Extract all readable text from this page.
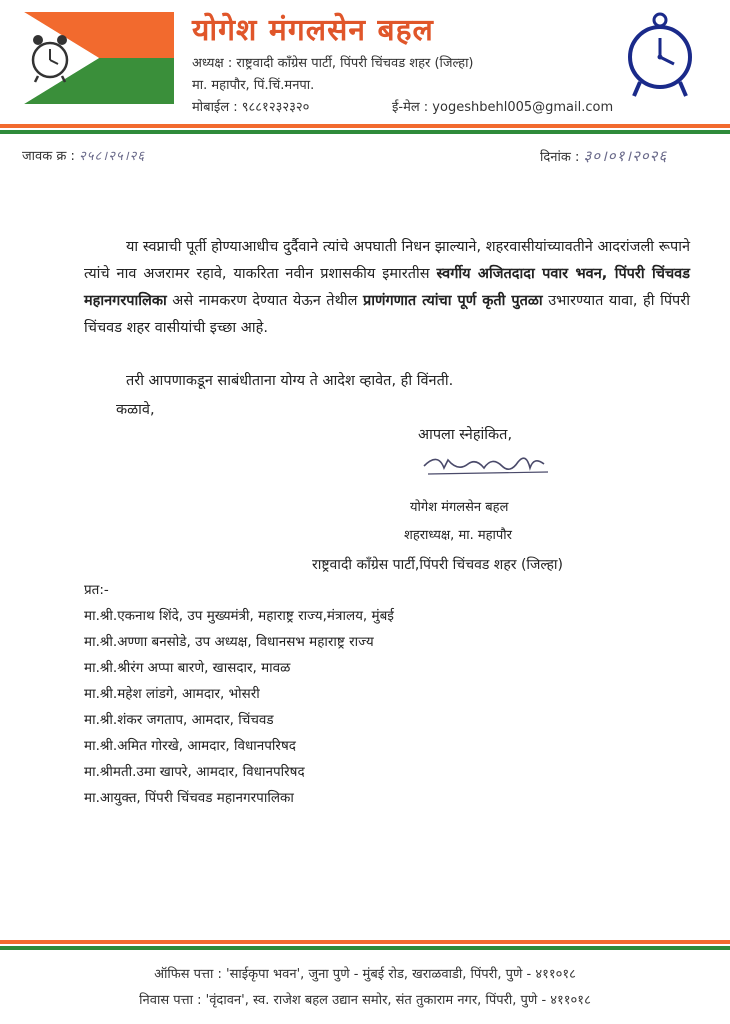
योगेश मंगलसेन बहल
अध्यक्ष : राष्ट्रवादी कॉंग्रेस पार्टी, पिंपरी चिंचवड शहर (जिल्हा)
मा. महापौर, पिं.चिं.मनपा.
मोबाईल : ९८८१२३२३२०	ई-मेल : yogeshbehl005@gmail.com
जावक क्र : २५८।२५।२६	दिनांक : ३०।०१।२०२६
या स्वप्नाची पूर्ती होण्याआधीच दुर्दैवाने त्यांचे अपघाती निधन झाल्याने, शहरवासीयांच्यावतीने आदरांजली रूपाने त्यांचे नाव अजरामर रहावे, याकरिता नवीन प्रशासकीय इमारतीस स्वर्गीय अजितदादा पवार भवन, पिंपरी चिंचवड महानगरपालिका असे नामकरण देण्यात येऊन तेथील प्राणंगणात त्यांचा पूर्ण कृती पुतळा उभारण्यात यावा, ही पिंपरी चिंचवड शहर वासीयांची इच्छा आहे.
तरी आपणाकडून साबंधीताना योग्य ते आदेश व्हावेत, ही विंनती.
कळावे,
आपला स्नेहांकित,
योगेश मंगलसेन बहल
शहराध्यक्ष, मा. महापौर
राष्ट्रवादी कॉंग्रेस पार्टी,पिंपरी चिंचवड शहर (जिल्हा)
प्रत:-
मा.श्री.एकनाथ शिंदे, उप मुख्यमंत्री, महाराष्ट्र राज्य,मंत्रालय, मुंबई
मा.श्री.अण्णा बनसोडे, उप अध्यक्ष, विधानसभ महाराष्ट्र राज्य
मा.श्री.श्रीरंग अप्पा बारणे, खासदार, मावळ
मा.श्री.महेश लांडगे, आमदार, भोसरी
मा.श्री.शंकर जगताप, आमदार, चिंचवड
मा.श्री.अमित गोरखे, आमदार, विधानपरिषद
मा.श्रीमती.उमा खापरे, आमदार, विधानपरिषद
मा.आयुक्त, पिंपरी चिंचवड महानगरपालिका
ऑफिस पत्ता : 'साईकृपा भवन', जुना पुणे - मुंबई रोड, खराळवाडी, पिंपरी, पुणे - ४११०१८
निवास पत्ता : 'वृंदावन', स्व. राजेश बहल उद्यान समोर, संत तुकाराम नगर, पिंपरी, पुणे - ४११०१८
